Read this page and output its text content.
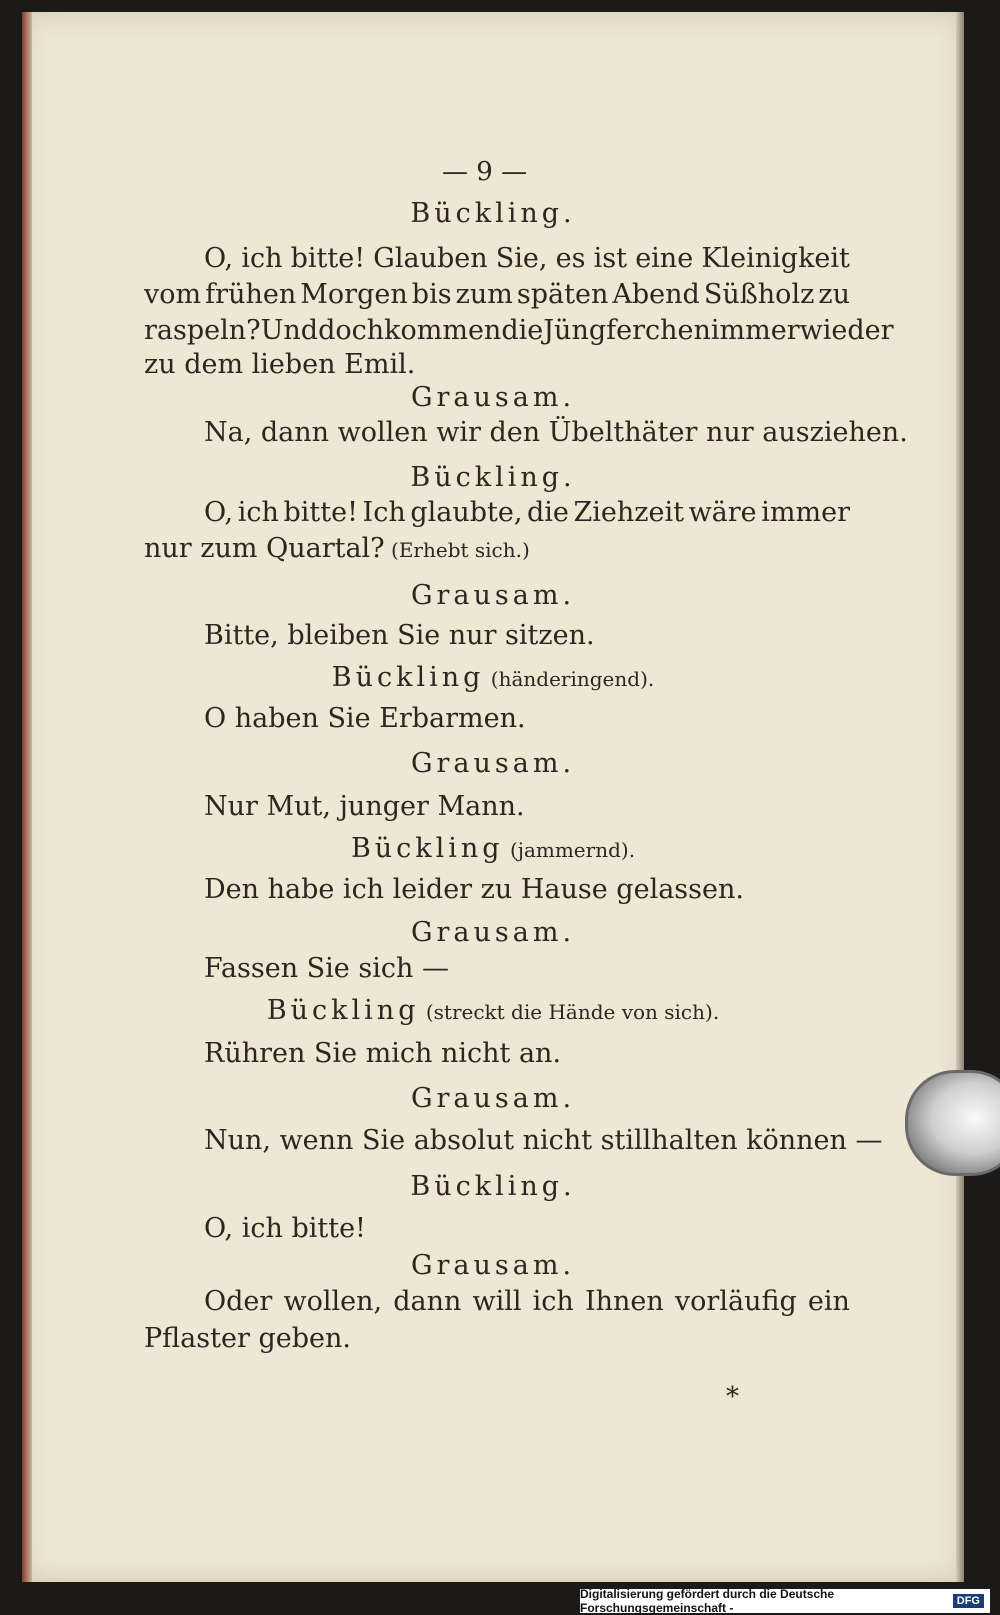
— 9 —
Bückling.
O, ich bitte! Glauben Sie, es ist eine Kleinigkeit
vom frühen Morgen bis zum späten Abend Süßholz zu
raspeln? Und doch kommen die Jüngferchen immer wieder
zu dem lieben Emil.
Grausam.
Na, dann wollen wir den Übelthäter nur ausziehen.
Bückling.
O, ich bitte! Ich glaubte, die Ziehzeit wäre immer
nur zum Quartal? (Erhebt sich.)
Grausam.
Bitte, bleiben Sie nur sitzen.
Bückling (händeringend).
O haben Sie Erbarmen.
Grausam.
Nur Mut, junger Mann.
Bückling (jammernd).
Den habe ich leider zu Hause gelassen.
Grausam.
Fassen Sie sich —
Bückling (streckt die Hände von sich).
Rühren Sie mich nicht an.
Grausam.
Nun, wenn Sie absolut nicht stillhalten können —
Bückling.
O, ich bitte!
Grausam.
Oder wollen, dann will ich Ihnen vorläufig ein
Pflaster geben.
*
Digitalisierung gefördert durch die Deutsche Forschungsgemeinschaft -	DFG
